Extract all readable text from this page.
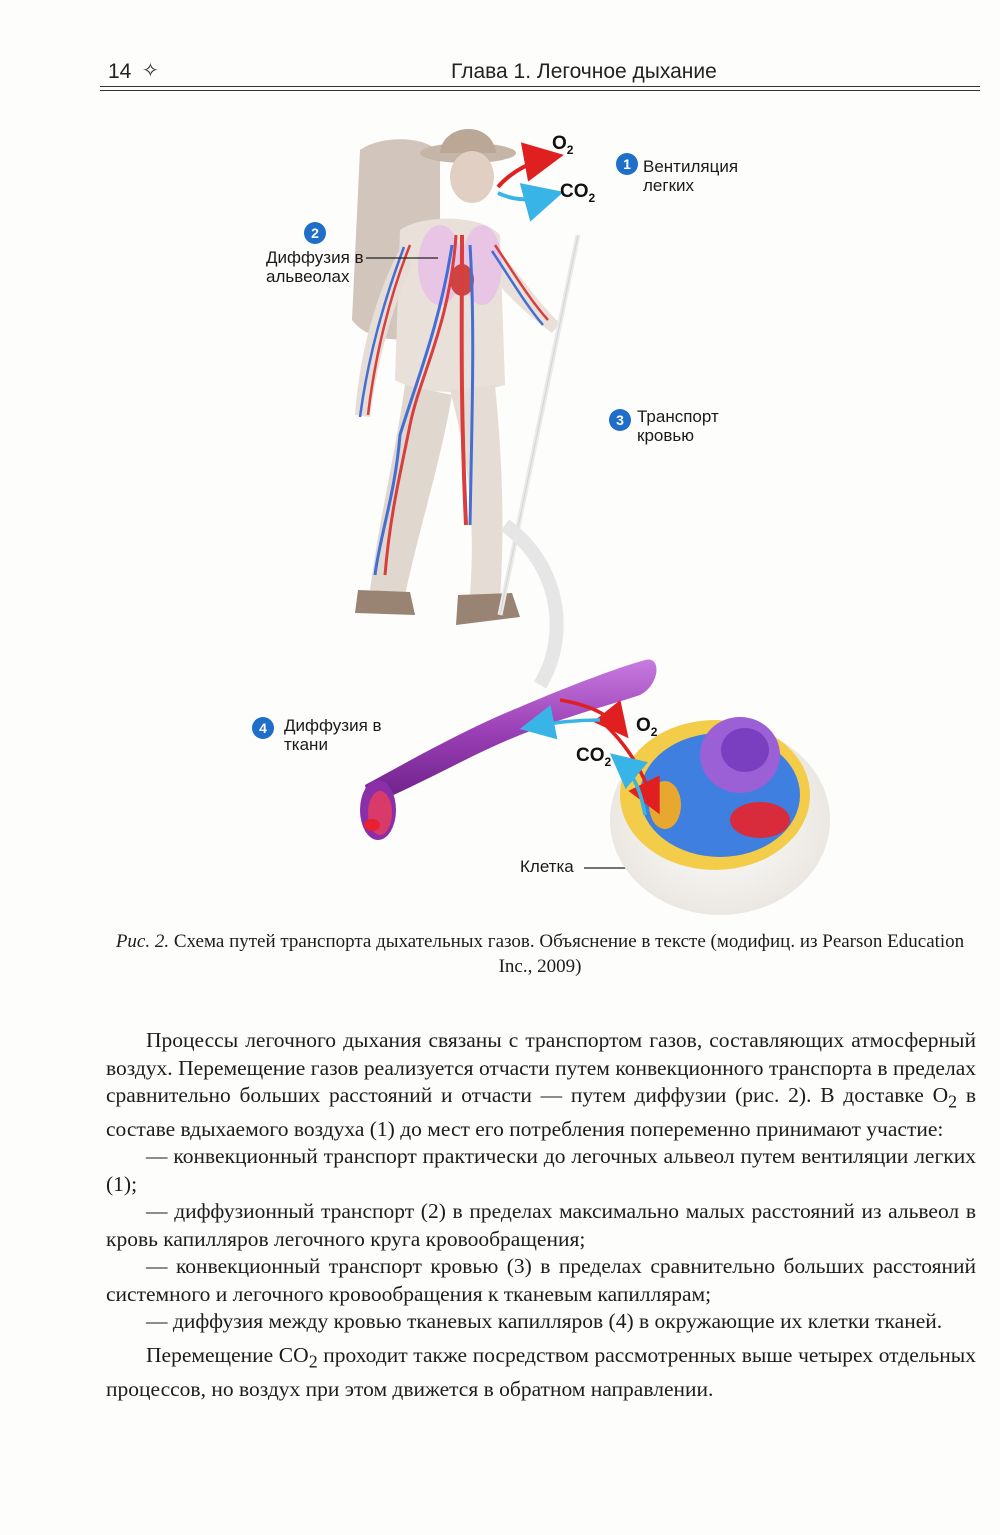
14 ✧	Глава 1. Легочное дыхание
$O_2$
$CO_2$
$O_2$
$CO_2$
1 Вентиляция легких
2
Диффузия в альвеолах
3 Транспорт кровью
4	Диффузия в ткани
Клетка
Рис. 2. Схема путей транспорта дыхательных газов. Объяснение в тексте (модифиц. из Pearson Education Inc., 2009)

Процессы легочного дыхания связаны с транспортом газов, составляющих атмосферный воздух. Перемещение газов реализуется отчасти путем конвекционного транспорта в пределах сравнительно больших расстояний и отчасти — путем диффузии (рис. 2). В доставке $O_2$ в составе вдыхаемого воздуха (1) до мест его потребления попеременно принимают участие:

— конвекционный транспорт практически до легочных альвеол путем вентиляции легких (1);

— диффузионный транспорт (2) в пределах максимально малых расстояний из альвеол в кровь капилляров легочного круга кровообращения;

— конвекционный транспорт кровью (3) в пределах сравнительно больших расстояний системного и легочного кровообращения к тканевым капиллярам;

— диффузия между кровью тканевых капилляров (4) в окружающие их клетки тканей.

Перемещение $CO_2$ проходит также посредством рассмотренных выше четырех отдельных процессов, но воздух при этом движется в обратном направлении.
